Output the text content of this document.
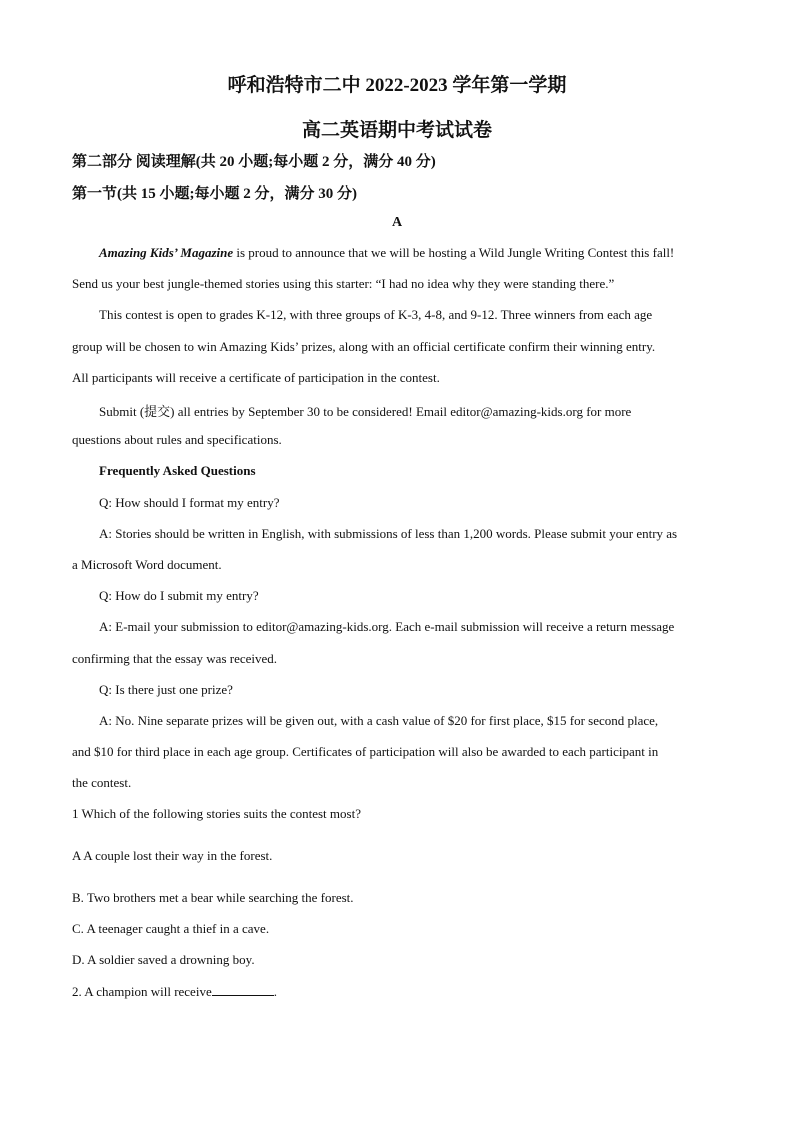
呼和浩特市二中 2022-2023 学年第一学期
高二英语期中考试试卷
第二部分 阅读理解(共 20 小题;每小题 2 分，满分 40 分)
第一节(共 15 小题;每小题 2 分，满分 30 分)
A
Amazing Kids’ Magazine is proud to announce that we will be hosting a Wild Jungle Writing Contest this fall!
Send us your best jungle-themed stories using this starter: “I had no idea why they were standing there.”
This contest is open to grades K-12, with three groups of K-3, 4-8, and 9-12. Three winners from each age
group will be chosen to win Amazing Kids’ prizes, along with an official certificate confirm their winning entry.
All participants will receive a certificate of participation in the contest.
Submit (提交) all entries by September 30 to be considered! Email editor@amazing-kids.org for more
questions about rules and specifications.
Frequently Asked Questions
Q: How should I format my entry?
A: Stories should be written in English, with submissions of less than 1,200 words. Please submit your entry as
a Microsoft Word document.
Q: How do I submit my entry?
A: E-mail your submission to editor@amazing-kids.org. Each e-mail submission will receive a return message
confirming that the essay was received.
Q: Is there just one prize?
A: No. Nine separate prizes will be given out, with a cash value of $20 for first place, $15 for second place,
and $10 for third place in each age group. Certificates of participation will also be awarded to each participant in
the contest.
1 Which of the following stories suits the contest most?
A A couple lost their way in the forest.
B. Two brothers met a bear while searching the forest.
C. A teenager caught a thief in a cave.
D. A soldier saved a drowning boy.
2. A champion will receive	.
